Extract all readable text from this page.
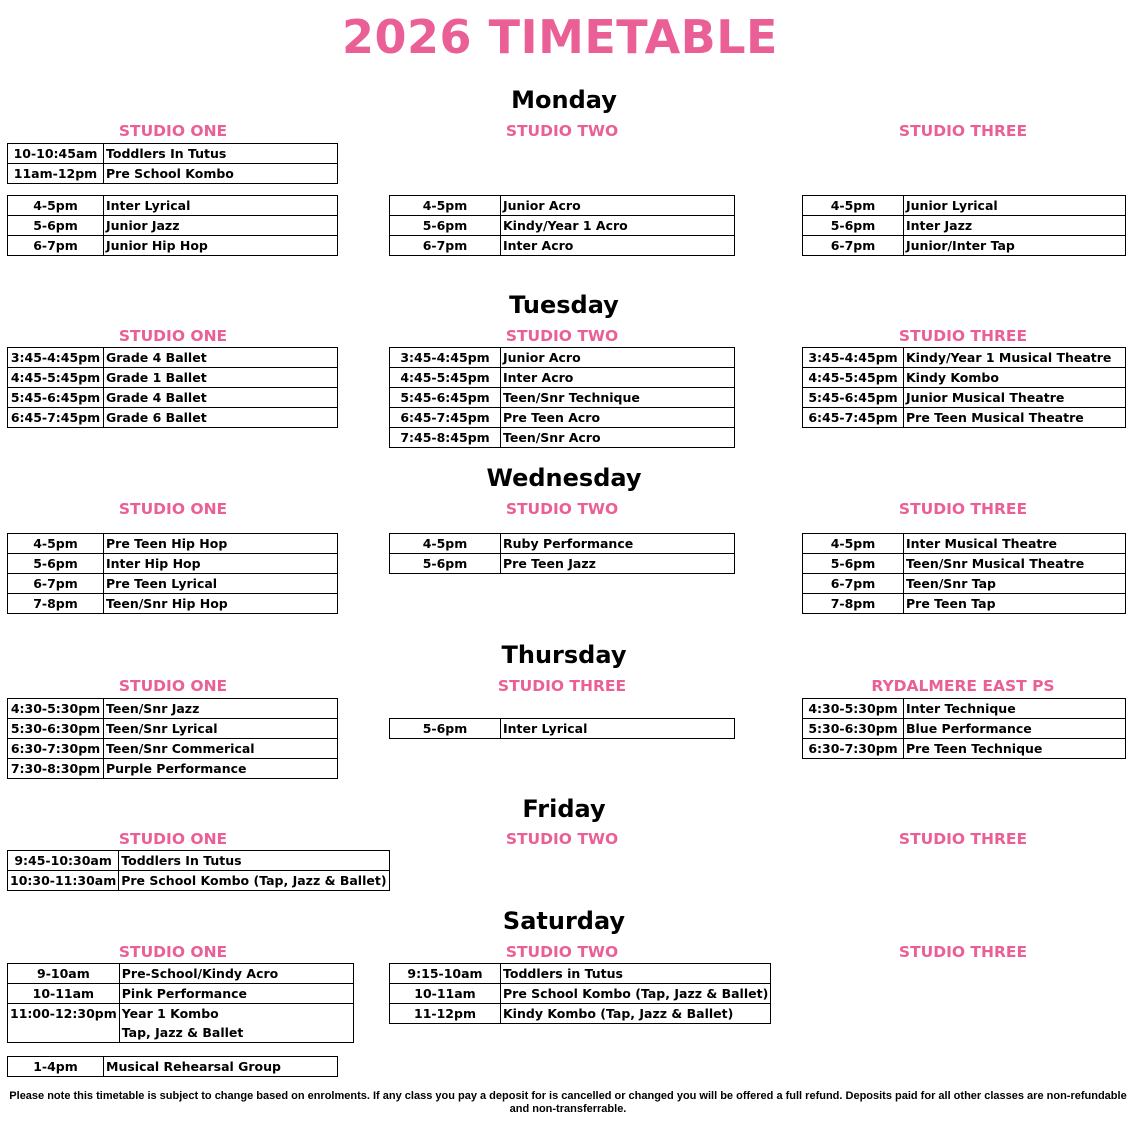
2026 TIMETABLE
Monday
STUDIO ONE	STUDIO TWO	STUDIO THREE
10-10:45am	Toddlers In Tutus
11am-12pm	Pre School Kombo
4-5pm	Inter Lyrical
5-6pm	Junior Jazz
6-7pm	Junior Hip Hop
4-5pm	Junior Acro
5-6pm	Kindy/Year 1 Acro
6-7pm	Inter Acro
4-5pm	Junior Lyrical
5-6pm	Inter Jazz
6-7pm	Junior/Inter Tap
Tuesday
STUDIO ONE	STUDIO TWO	STUDIO THREE
3:45-4:45pm	Grade 4 Ballet
4:45-5:45pm	Grade 1 Ballet
5:45-6:45pm	Grade 4 Ballet
6:45-7:45pm	Grade 6 Ballet
3:45-4:45pm	Junior Acro
4:45-5:45pm	Inter Acro
5:45-6:45pm	Teen/Snr Technique
6:45-7:45pm	Pre Teen Acro
7:45-8:45pm	Teen/Snr Acro
3:45-4:45pm	Kindy/Year 1 Musical Theatre
4:45-5:45pm	Kindy Kombo
5:45-6:45pm	Junior Musical Theatre
6:45-7:45pm	Pre Teen Musical Theatre
Wednesday
STUDIO ONE	STUDIO TWO	STUDIO THREE
4-5pm	Pre Teen Hip Hop
5-6pm	Inter Hip Hop
6-7pm	Pre Teen Lyrical
7-8pm	Teen/Snr Hip Hop
4-5pm	Ruby Performance
5-6pm	Pre Teen Jazz
4-5pm	Inter Musical Theatre
5-6pm	Teen/Snr Musical Theatre
6-7pm	Teen/Snr Tap
7-8pm	Pre Teen Tap
Thursday
STUDIO ONE	STUDIO THREE	RYDALMERE EAST PS
4:30-5:30pm	Teen/Snr Jazz
5:30-6:30pm	Teen/Snr Lyrical
6:30-7:30pm	Teen/Snr Commerical
7:30-8:30pm	Purple Performance
5-6pm	Inter Lyrical
4:30-5:30pm	Inter Technique
5:30-6:30pm	Blue Performance
6:30-7:30pm	Pre Teen Technique
Friday
STUDIO ONE	STUDIO TWO	STUDIO THREE
9:45-10:30am	Toddlers In Tutus
10:30-11:30am	Pre School Kombo (Tap, Jazz & Ballet)
Saturday
STUDIO ONE	STUDIO TWO	STUDIO THREE
9-10am	Pre-School/Kindy Acro
10-11am	Pink Performance
11:00-12:30pm	Year 1 Kombo
Tap, Jazz & Ballet
1-4pm	Musical Rehearsal Group
9:15-10am	Toddlers in Tutus
10-11am	Pre School Kombo (Tap, Jazz & Ballet)
11-12pm	Kindy Kombo (Tap, Jazz & Ballet)
Please note this timetable is subject to change based on enrolments. If any class you pay a deposit for is cancelled or changed you will be offered a full refund. Deposits paid for all other classes are non-refundable
and non-transferrable.
